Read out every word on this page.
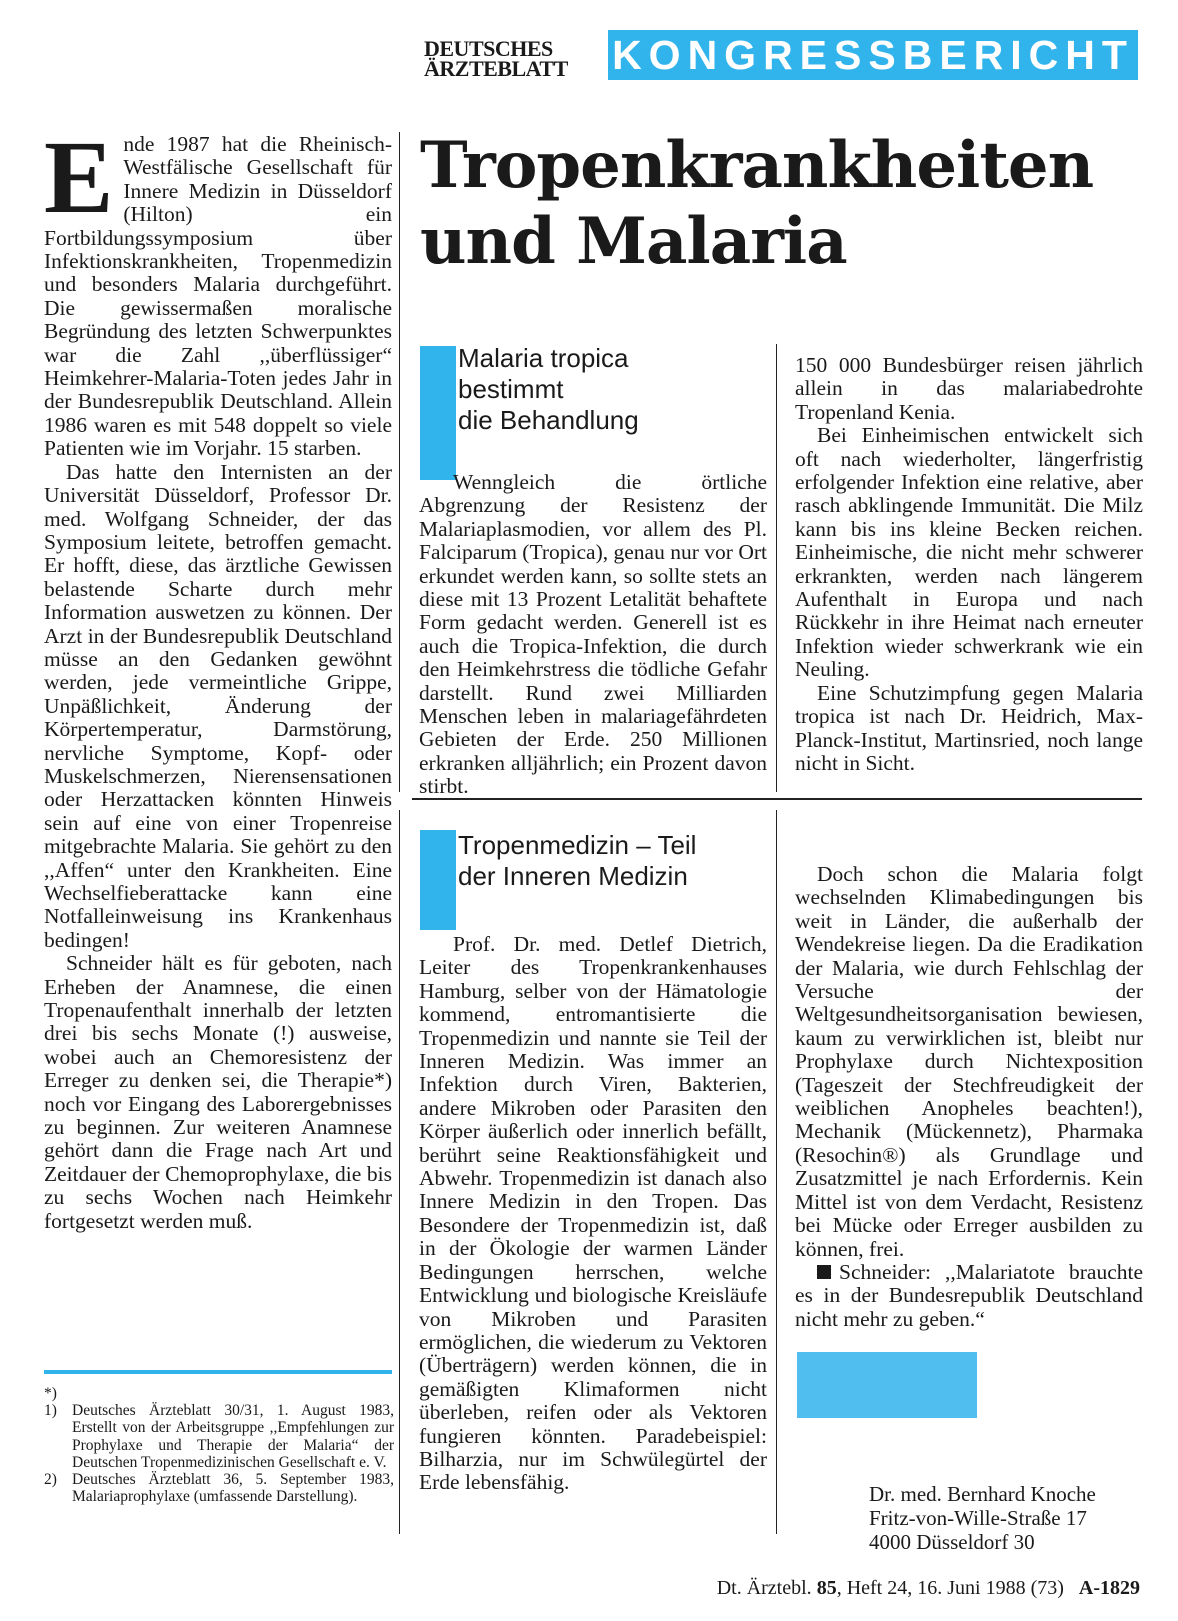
DEUTSCHES
ÄRZTEBLATT	KONGRESSBERICHT
Tropenkrankheiten
und Malaria

Ende 1987 hat die Rheinisch-Westfälische Gesellschaft für Innere Medizin in Düsseldorf (Hilton) ein Fortbildungssymposium über Infektionskrankheiten, Tropenmedizin und besonders Malaria durchgeführt. Die gewissermaßen moralische Begründung des letzten Schwerpunktes war die Zahl ,,überflüssiger“ Heimkehrer-Malaria-Toten jedes Jahr in der Bundesrepublik Deutschland. Allein 1986 waren es mit 548 doppelt so viele Patienten wie im Vorjahr. 15 starben.

Das hatte den Internisten an der Universität Düsseldorf, Professor Dr. med. Wolfgang Schneider, der das Symposium leitete, betroffen gemacht. Er hofft, diese, das ärztliche Gewissen belastende Scharte durch mehr Information auswetzen zu können. Der Arzt in der Bundesrepublik Deutschland müsse an den Gedanken gewöhnt werden, jede vermeintliche Grippe, Unpäßlichkeit, Änderung der Körpertemperatur, Darmstörung, nervliche Symptome, Kopf- oder Muskelschmerzen, Nierensensationen oder Herzattacken könnten Hinweis sein auf eine von einer Tropenreise mitgebrachte Malaria. Sie gehört zu den ,,Affen“ unter den Krankheiten. Eine Wechselfieberattacke kann eine Notfalleinweisung ins Krankenhaus bedingen!

Schneider hält es für geboten, nach Erheben der Anamnese, die einen Tropenaufenthalt innerhalb der letzten drei bis sechs Monate (!) ausweise, wobei auch an Chemoresistenz der Erreger zu denken sei, die Therapie*) noch vor Eingang des Laborergebnisses zu beginnen. Zur weiteren Anamnese gehört dann die Frage nach Art und Zeitdauer der Chemoprophylaxe, die bis zu sechs Wochen nach Heimkehr fortgesetzt werden muß.

Malaria tropica
bestimmt
die Behandlung

Wenngleich die örtliche Abgrenzung der Resistenz der Malariaplasmodien, vor allem des Pl. Falciparum (Tropica), genau nur vor Ort erkundet werden kann, so sollte stets an diese mit 13 Prozent Letalität behaftete Form gedacht werden. Generell ist es auch die Tropica-Infektion, die durch den Heimkehrstress die tödliche Gefahr darstellt. Rund zwei Milliarden Menschen leben in malariagefährdeten Gebieten der Erde. 250 Millionen erkranken alljährlich; ein Prozent davon stirbt.

150 000 Bundesbürger reisen jährlich allein in das malariabedrohte Tropenland Kenia.

Bei Einheimischen entwickelt sich oft nach wiederholter, längerfristig erfolgender Infektion eine relative, aber rasch abklingende Immunität. Die Milz kann bis ins kleine Becken reichen. Einheimische, die nicht mehr schwerer erkrankten, werden nach längerem Aufenthalt in Europa und nach Rückkehr in ihre Heimat nach erneuter Infektion wieder schwerkrank wie ein Neuling.

Eine Schutzimpfung gegen Malaria tropica ist nach Dr. Heidrich, Max-Planck-Institut, Martinsried, noch lange nicht in Sicht.

Tropenmedizin – Teil
der Inneren Medizin

Prof. Dr. med. Detlef Dietrich, Leiter des Tropenkrankenhauses Hamburg, selber von der Hämatologie kommend, entromantisierte die Tropenmedizin und nannte sie Teil der Inneren Medizin. Was immer an Infektion durch Viren, Bakterien, andere Mikroben oder Parasiten den Körper äußerlich oder innerlich befällt, berührt seine Reaktionsfähigkeit und Abwehr. Tropenmedizin ist danach also Innere Medizin in den Tropen. Das Besondere der Tropenmedizin ist, daß in der Ökologie der warmen Länder Bedingungen herrschen, welche Entwicklung und biologische Kreisläufe von Mikroben und Parasiten ermöglichen, die wiederum zu Vektoren (Überträgern) werden können, die in gemäßigten Klimaformen nicht überleben, reifen oder als Vektoren fungieren könnten. Paradebeispiel: Bilharzia, nur im Schwülegürtel der Erde lebensfähig.

Doch schon die Malaria folgt wechselnden Klimabedingungen bis weit in Länder, die außerhalb der Wendekreise liegen. Da die Eradikation der Malaria, wie durch Fehlschlag der Versuche der Weltgesundheitsorganisation bewiesen, kaum zu verwirklichen ist, bleibt nur Prophylaxe durch Nichtexposition (Tageszeit der Stechfreudigkeit der weiblichen Anopheles beachten!), Mechanik (Mückennetz), Pharmaka (Resochin®) als Grundlage und Zusatzmittel je nach Erfordernis. Kein Mittel ist von dem Verdacht, Resistenz bei Mücke oder Erreger ausbilden zu können, frei.

Schneider: ,,Malariatote brauchte es in der Bundesrepublik Deutschland nicht mehr zu geben.“

Dr. med. Bernhard Knoche
Fritz-von-Wille-Straße 17
4000 Düsseldorf 30
*)
1) Deutsches Ärzteblatt 30/31, 1. August 1983, Erstellt von der Arbeitsgruppe ,,Empfehlungen zur Prophylaxe und Therapie der Malaria“ der Deutschen Tropenmedizinischen Gesellschaft e. V.
2) Deutsches Ärzteblatt 36, 5. September 1983, Malariaprophylaxe (umfassende Darstellung).
Dt. Ärztebl. 85, Heft 24, 16. Juni 1988 (73) A-1829
